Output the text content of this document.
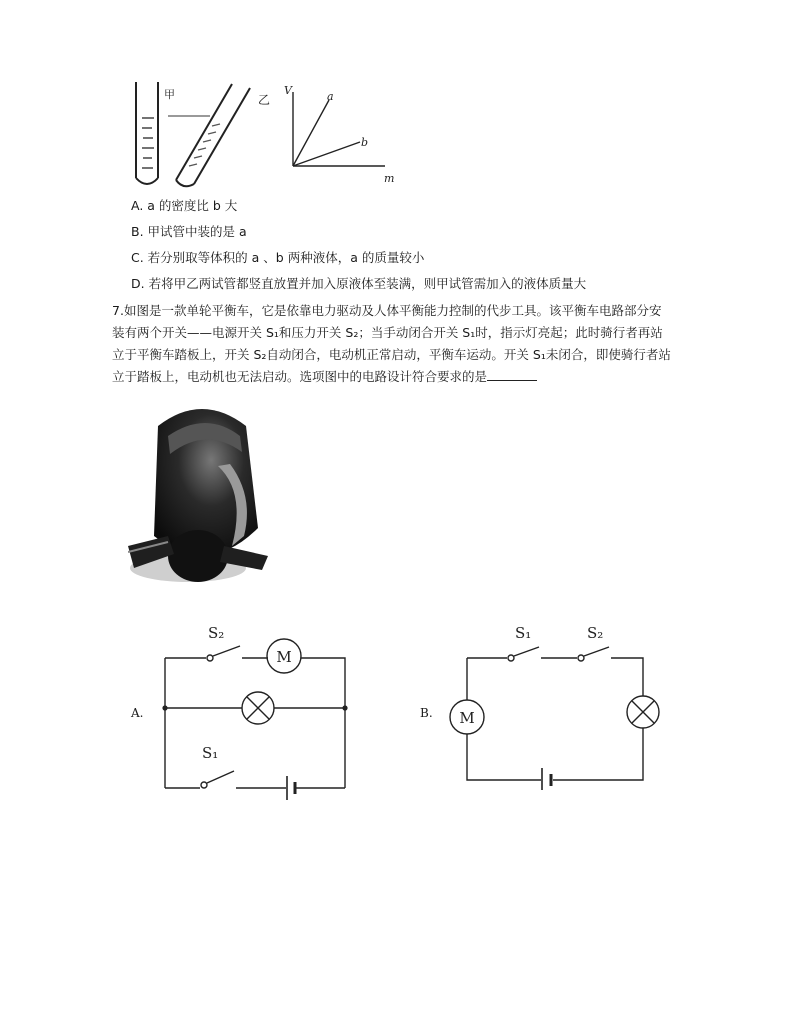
甲	乙
V
m
a
b
A. a 的密度比 b 大
B. 甲试管中装的是 a
C. 若分别取等体积的 a 、b 两种液体，a 的质量较小
D. 若将甲乙两试管都竖直放置并加入原液体至装满，则甲试管需加入的液体质量大
7.如图是一款单轮平衡车，它是依靠电力驱动及人体平衡能力控制的代步工具。该平衡车电路部分安装有两个开关——电源开关 S₁和压力开关 S₂；当手动闭合开关 S₁时，指示灯亮起；此时骑行者再站立于平衡车踏板上，开关 S₂自动闭合，电动机正常启动，平衡车运动。开关 S₁未闭合，即使骑行者站立于踏板上，电动机也无法启动。选项图中的电路设计符合要求的是
M
S₂
S₁
A.	M
S₁	S₂
B.
